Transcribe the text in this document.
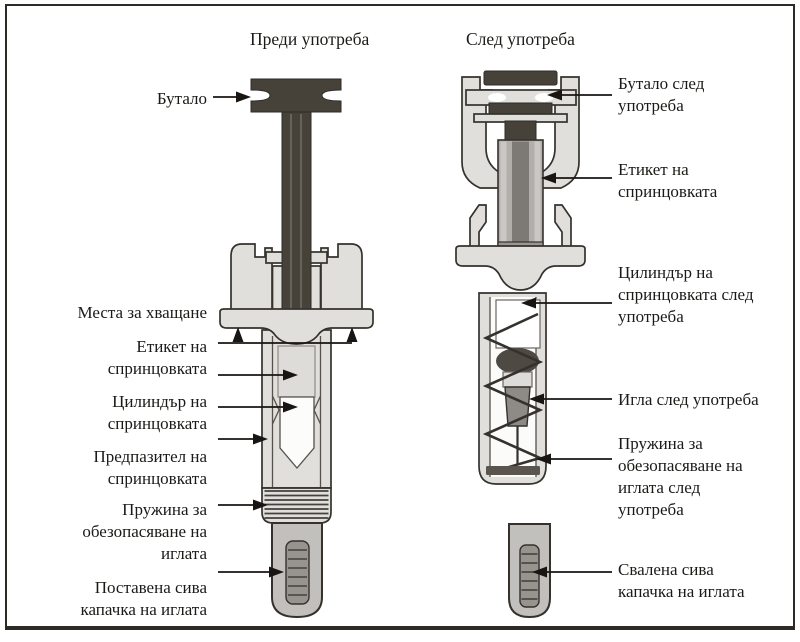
Преди употреба	След употреба
Бутало
Места за хващане
Етикет на спринцовката
Цилиндър на спринцовката
Предпазител на спринцовката
Пружина за обезопасяване на иглата
Поставена сива капачка на иглата
Бутало след употреба
Етикет на спринцовката
Цилиндър на спринцовката след употреба
Игла след употреба
Пружина за обезопасяване на иглата след употреба
Свалена сива капачка на иглата
